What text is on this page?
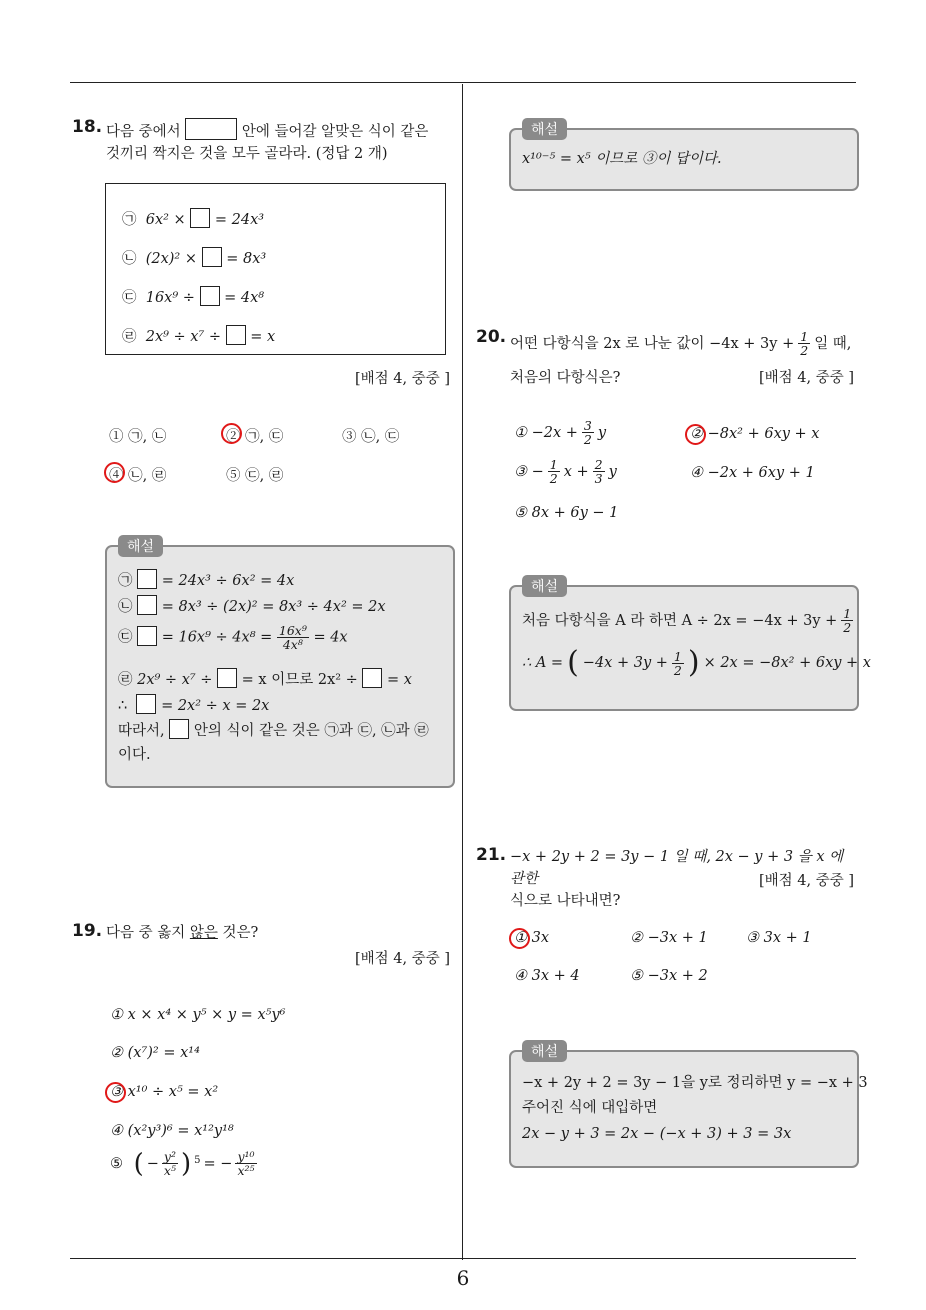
6
18. 다음 중에서	안에 들어갈 알맞은 식이 같은
것끼리 짝지은 것을 모두 골라라. (정답 2 개)
㉠ 6x² × = 24x³
㉡ (2x)² × = 8x³
㉢ 16x⁹ ÷ = 4x⁸
㉣ 2x⁹ ÷ x⁷ ÷ = x
[배점 4, 중중 ]
① ㉠, ㉡	② ㉠, ㉢	③ ㉡, ㉢
④ ㉡, ㉣	⑤ ㉢, ㉣
해설
㉠ = 24x³ ÷ 6x² = 4x
㉡ = 8x³ ÷ (2x)² = 8x³ ÷ 4x² = 2x
㉢ = $16x^9 \div 4x^8 = \frac{\text{16x⁹}}{\text{4x⁸}} = 4x$
㉣ 2x⁹ ÷ x⁷ ÷ = x 이므로 2x² ÷ = x
∴ = 2x² ÷ x = 2x
따라서, 안의 식이 같은 것은 ㉠과 ㉢, ㉡과 ㉣
이다.
19. 다음 중 옳지 않은 것은?
[배점 4, 중중 ]
① x × x⁴ × y⁵ × y = x⁵y⁶
② (x⁷)² = x¹⁴
③ x¹⁰ ÷ x⁵ = x²
④ (x²y³)⁶ = x¹²y¹⁸
⑤
( − $\frac{\text{y²}}{\text{x⁵}}$ ) 5 = − $\frac{\text{y¹⁰}}{\text{x²⁵}}$
해설
x¹⁰⁻⁵ = x⁵ 이므로 ③이 답이다.
20. 어떤 다항식을 2x 로 나눈 값이 $-4x + 3y + \frac{1}{2}$ 일 때,
처음의 다항식은?	[배점 4, 중중 ]
① $-2x + \frac{3}{2}$ y	② −8x² + 6xy + x
③ − $\frac{1}{2}$ $x + \frac{2}{3}$ y	④ −2x + 6xy + 1
⑤ 8x + 6y − 1
해설
처음 다항식을 A 라 하면 $A \div 2x = -4x + 3y + \frac{1}{2}$
∴ A = ( $-4x + 3y + \frac{1}{2}$ ) × 2x = −8x² + 6xy + x
21. −x + 2y + 2 = 3y − 1 일 때, 2x − y + 3 을 x 에 관한
식으로 나타내면?
[배점 4, 중중 ]
① 3x	② −3x + 1	③ 3x + 1
④ 3x + 4	⑤ −3x + 2
해설
−x + 2y + 2 = 3y − 1을 y로 정리하면 y = −x + 3
주어진 식에 대입하면
2x − y + 3 = 2x − (−x + 3) + 3 = 3x
